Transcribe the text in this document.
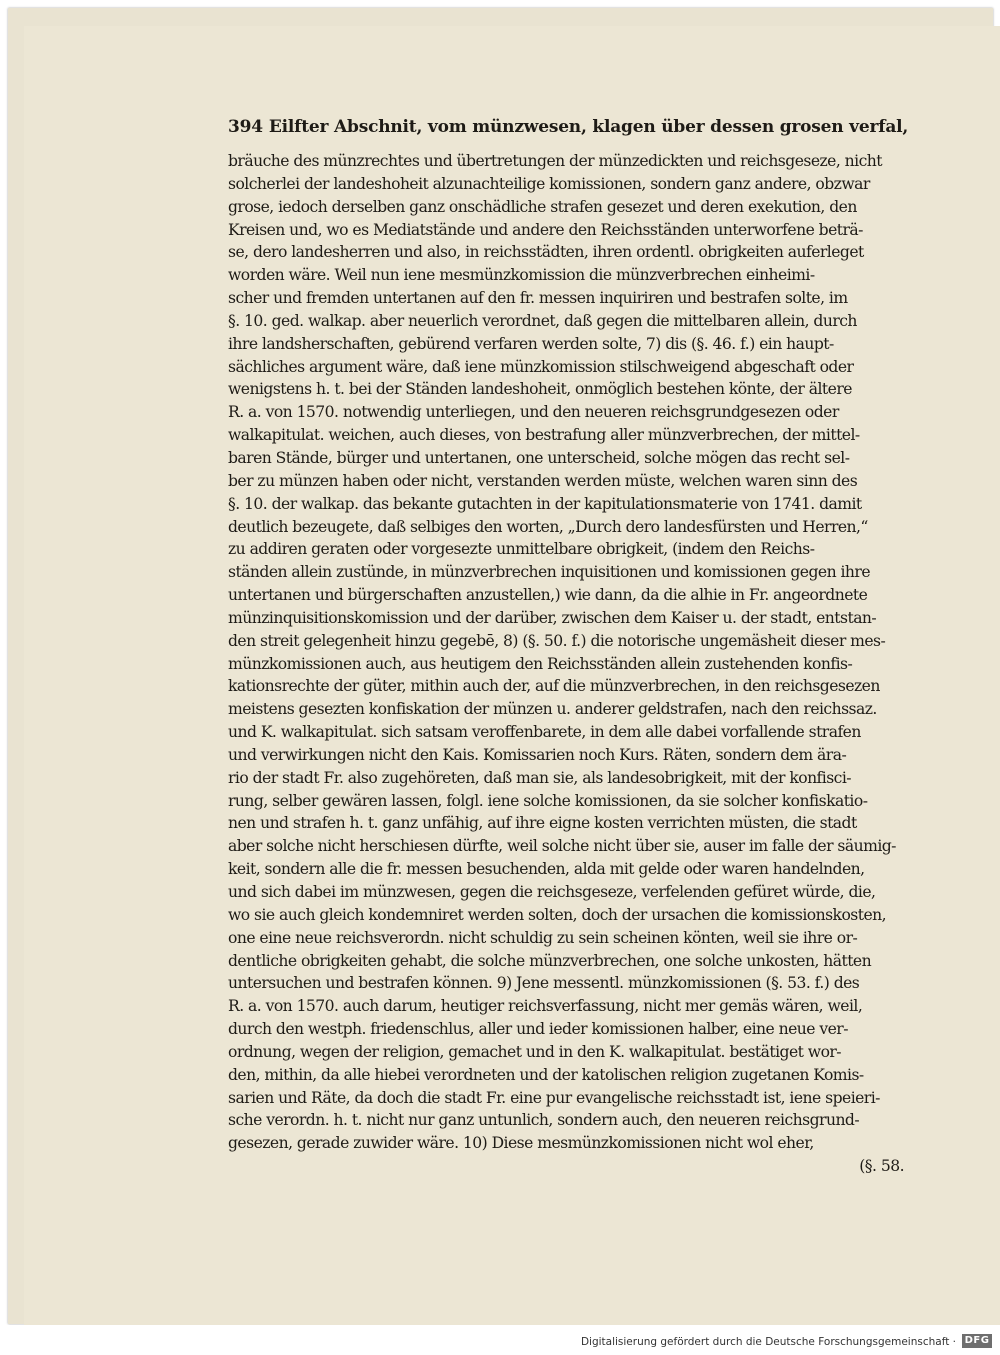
394 Eilfter Abschnit, vom münzwesen, klagen über dessen grosen verfal,
bräuche des münzrechtes und übertretungen der münzedickten und reichsgeseze, nicht
solcherlei der landeshoheit alzunachteilige komissionen, sondern ganz andere, obzwar
grose, iedoch derselben ganz onschädliche strafen gesezet und deren exekution, den
Kreisen und, wo es Mediatstände und andere den Reichsständen unterworfene beträ-
se, dero landesherren und also, in reichsstädten, ihren ordentl. obrigkeiten auferleget
worden wäre. Weil nun iene mesmünzkomission die münzverbrechen einheimi-
scher und fremden untertanen auf den fr. messen inquiriren und bestrafen solte, im
§. 10. ged. walkap. aber neuerlich verordnet, daß gegen die mittelbaren allein, durch
ihre landsherschaften, gebürend verfaren werden solte, 7) dis (§. 46. f.) ein haupt-
sächliches argument wäre, daß iene münzkomission stilschweigend abgeschaft oder
wenigstens h. t. bei der Ständen landeshoheit, onmöglich bestehen könte, der ältere
R. a. von 1570. notwendig unterliegen, und den neueren reichsgrundgesezen oder
walkapitulat. weichen, auch dieses, von bestrafung aller münzverbrechen, der mittel-
baren Stände, bürger und untertanen, one unterscheid, solche mögen das recht sel-
ber zu münzen haben oder nicht, verstanden werden müste, welchen waren sinn des
§. 10. der walkap. das bekante gutachten in der kapitulationsmaterie von 1741. damit
deutlich bezeugete, daß selbiges den worten, „Durch dero landesfürsten und Herren,“
zu addiren geraten oder vorgesezte unmittelbare obrigkeit, (indem den Reichs-
ständen allein zustünde, in münzverbrechen inquisitionen und komissionen gegen ihre
untertanen und bürgerschaften anzustellen,) wie dann, da die alhie in Fr. angeordnete
münzinquisitionskomission und der darüber, zwischen dem Kaiser u. der stadt, entstan-
den streit gelegenheit hinzu gegebē, 8) (§. 50. f.) die notorische ungemäsheit dieser mes-
münzkomissionen auch, aus heutigem den Reichsständen allein zustehenden konfis-
kationsrechte der güter, mithin auch der, auf die münzverbrechen, in den reichsgesezen
meistens gesezten konfiskation der münzen u. anderer geldstrafen, nach den reichssaz.
und K. walkapitulat. sich satsam veroffenbarete, in dem alle dabei vorfallende strafen
und verwirkungen nicht den Kais. Komissarien noch Kurs. Räten, sondern dem ära-
rio der stadt Fr. also zugehöreten, daß man sie, als landesobrigkeit, mit der konfisci-
rung, selber gewären lassen, folgl. iene solche komissionen, da sie solcher konfiskatio-
nen und strafen h. t. ganz unfähig, auf ihre eigne kosten verrichten müsten, die stadt
aber solche nicht herschiesen dürfte, weil solche nicht über sie, auser im falle der säumig-
keit, sondern alle die fr. messen besuchenden, alda mit gelde oder waren handelnden,
und sich dabei im münzwesen, gegen die reichsgeseze, verfelenden gefüret würde, die,
wo sie auch gleich kondemniret werden solten, doch der ursachen die komissionskosten,
one eine neue reichsverordn. nicht schuldig zu sein scheinen könten, weil sie ihre or-
dentliche obrigkeiten gehabt, die solche münzverbrechen, one solche unkosten, hätten
untersuchen und bestrafen können. 9) Jene messentl. münzkomissionen (§. 53. f.) des
R. a. von 1570. auch darum, heutiger reichsverfassung, nicht mer gemäs wären, weil,
durch den westph. friedenschlus, aller und ieder komissionen halber, eine neue ver-
ordnung, wegen der religion, gemachet und in den K. walkapitulat. bestätiget wor-
den, mithin, da alle hiebei verordneten und der katolischen religion zugetanen Komis-
sarien und Räte, da doch die stadt Fr. eine pur evangelische reichsstadt ist, iene speieri-
sche verordn. h. t. nicht nur ganz untunlich, sondern auch, den neueren reichsgrund-
gesezen, gerade zuwider wäre. 10) Diese mesmünzkomissionen nicht wol eher,
(§. 58.
Digitalisierung gefördert durch die Deutsche Forschungsgemeinschaft · DFG
